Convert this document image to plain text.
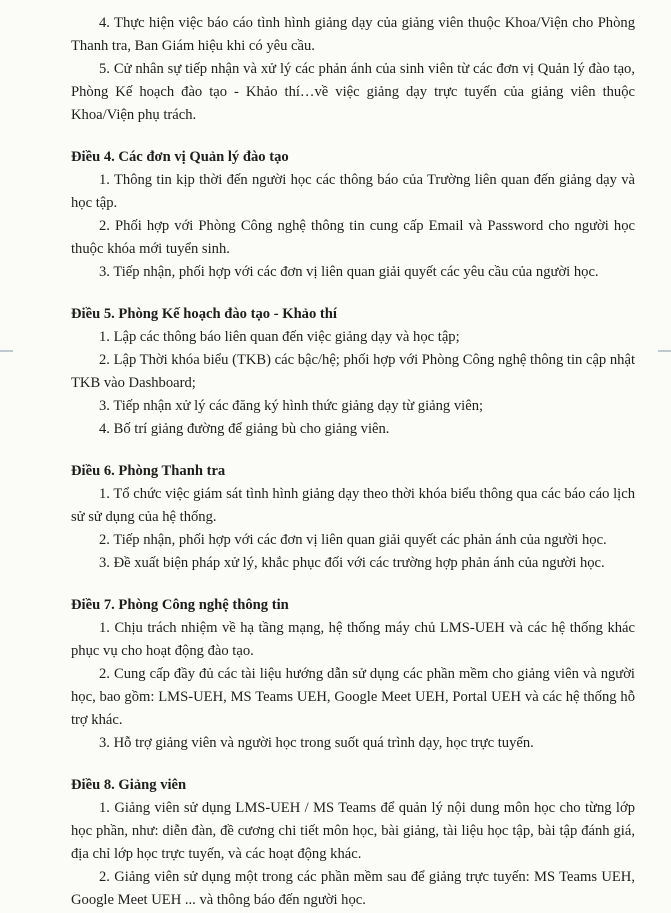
4. Thực hiện việc báo cáo tình hình giảng dạy của giảng viên thuộc Khoa/Viện cho Phòng Thanh tra, Ban Giám hiệu khi có yêu cầu.

5. Cử nhân sự tiếp nhận và xử lý các phản ánh của sinh viên từ các đơn vị Quản lý đào tạo, Phòng Kế hoạch đào tạo - Khảo thí…về việc giảng dạy trực tuyến của giảng viên thuộc Khoa/Viện phụ trách.

Điều 4. Các đơn vị Quản lý đào tạo

1. Thông tin kịp thời đến người học các thông báo của Trường liên quan đến giảng dạy và học tập.

2. Phối hợp với Phòng Công nghệ thông tin cung cấp Email và Password cho người học thuộc khóa mới tuyển sinh.

3. Tiếp nhận, phối hợp với các đơn vị liên quan giải quyết các yêu cầu của người học.

Điều 5. Phòng Kế hoạch đào tạo - Khảo thí

1. Lập các thông báo liên quan đến việc giảng dạy và học tập;

2. Lập Thời khóa biểu (TKB) các bậc/hệ; phối hợp với Phòng Công nghệ thông tin cập nhật TKB vào Dashboard;

3. Tiếp nhận xử lý các đăng ký hình thức giảng dạy từ giảng viên;

4. Bố trí giảng đường để giảng bù cho giảng viên.

Điều 6. Phòng Thanh tra

1. Tổ chức việc giám sát tình hình giảng dạy theo thời khóa biểu thông qua các báo cáo lịch sử sử dụng của hệ thống.

2. Tiếp nhận, phối hợp với các đơn vị liên quan giải quyết các phản ánh của người học.

3. Đề xuất biện pháp xử lý, khắc phục đối với các trường hợp phản ánh của người học.

Điều 7. Phòng Công nghệ thông tin

1. Chịu trách nhiệm về hạ tầng mạng, hệ thống máy chủ LMS-UEH và các hệ thống khác phục vụ cho hoạt động đào tạo.

2. Cung cấp đầy đủ các tài liệu hướng dẫn sử dụng các phần mềm cho giảng viên và người học, bao gồm: LMS-UEH, MS Teams UEH, Google Meet UEH, Portal UEH và các hệ thống hỗ trợ khác.

3. Hỗ trợ giảng viên và người học trong suốt quá trình dạy, học trực tuyến.

Điều 8. Giảng viên

1. Giảng viên sử dụng LMS-UEH / MS Teams để quản lý nội dung môn học cho từng lớp học phần, như: diễn đàn, đề cương chi tiết môn học, bài giảng, tài liệu học tập, bài tập đánh giá, địa chỉ lớp học trực tuyến, và các hoạt động khác.

2. Giảng viên sử dụng một trong các phần mềm sau để giảng trực tuyến: MS Teams UEH, Google Meet UEH ... và thông báo đến người học.
